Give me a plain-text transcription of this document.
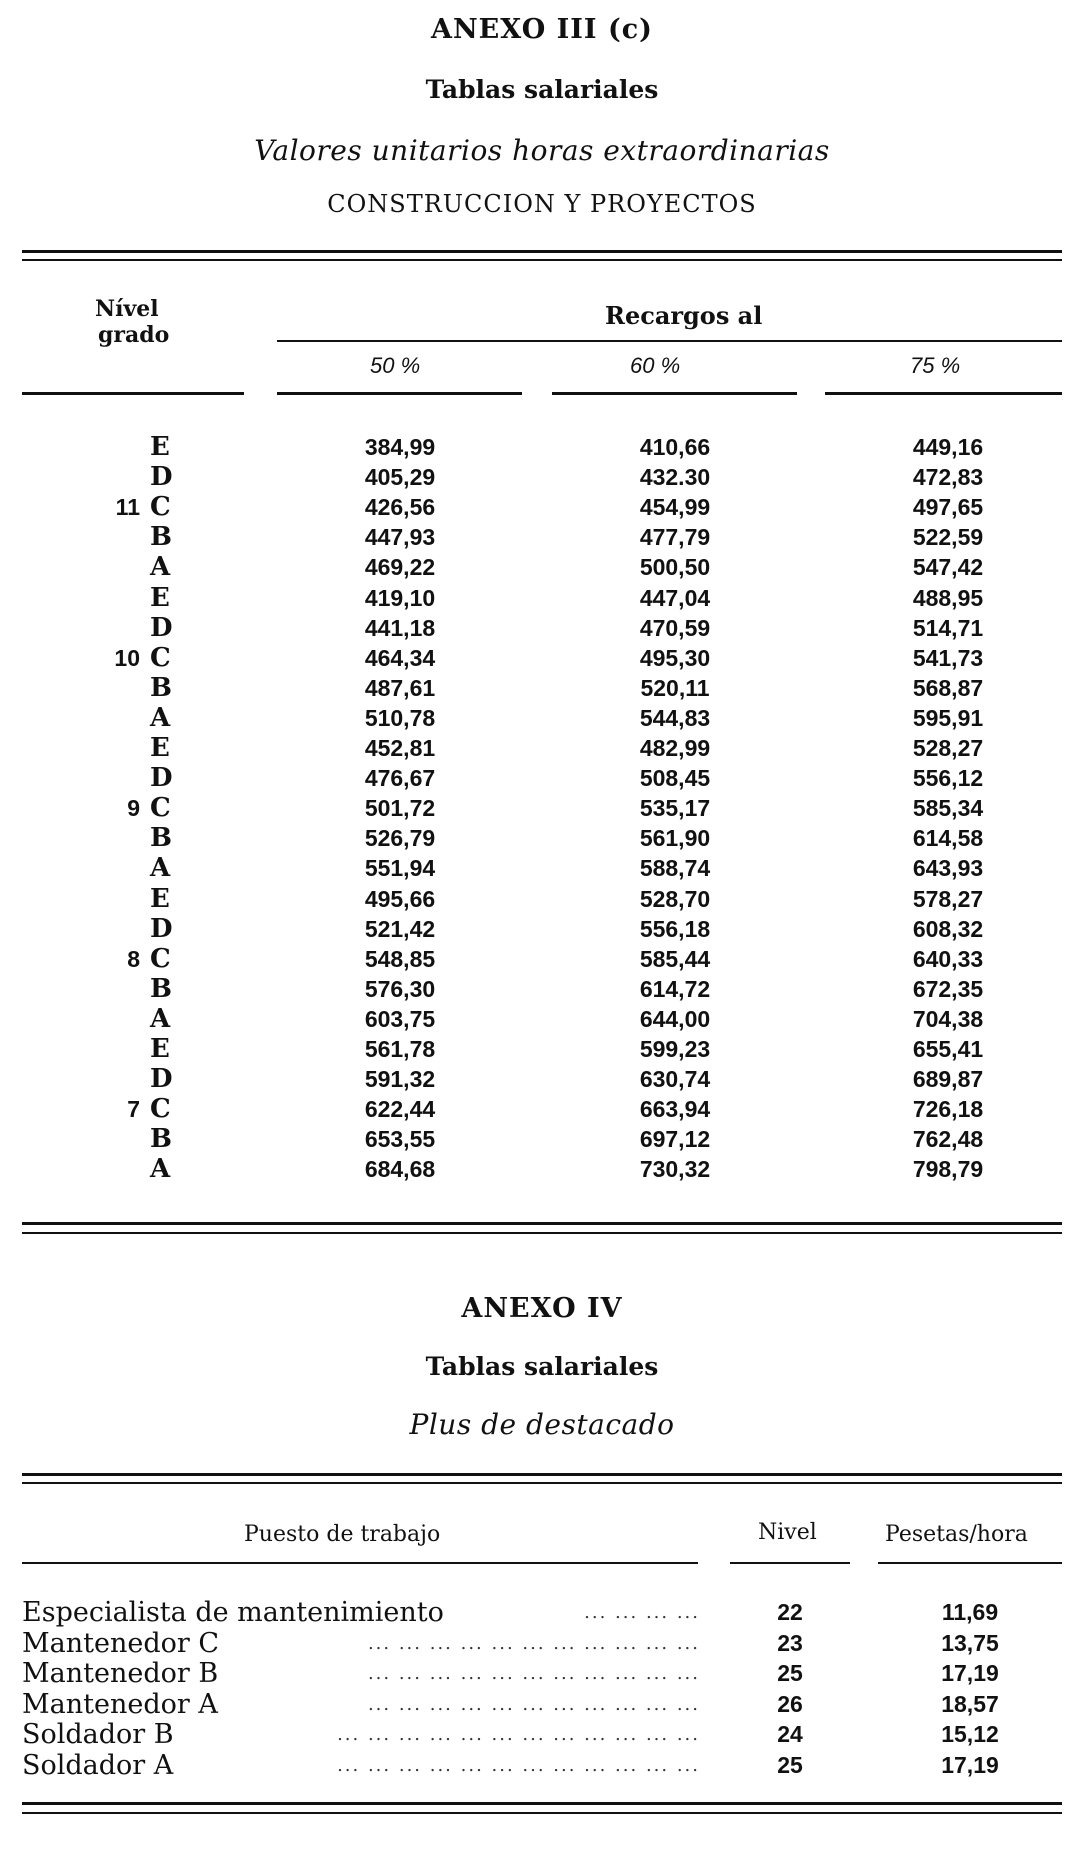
ANEXO III (c)
Tablas salariales
Valores unitarios horas extraordinarias
CONSTRUCCION Y PROYECTOS
Nível
grado
Recargos al
50 %	60 %	75 %
E	384,99	410,66	449,16
D	405,29	432.30	472,83
11 C	426,56	454,99	497,65
B	447,93	477,79	522,59
A	469,22	500,50	547,42
E	419,10	447,04	488,95
D	441,18	470,59	514,71
10 C	464,34	495,30	541,73
B	487,61	520,11	568,87
A	510,78	544,83	595,91
E	452,81	482,99	528,27
D	476,67	508,45	556,12
9 C	501,72	535,17	585,34
B	526,79	561,90	614,58
A	551,94	588,74	643,93
E	495,66	528,70	578,27
D	521,42	556,18	608,32
8 C	548,85	585,44	640,33
B	576,30	614,72	672,35
A	603,75	644,00	704,38
E	561,78	599,23	655,41
D	591,32	630,74	689,87
7 C	622,44	663,94	726,18
B	653,55	697,12	762,48
A	684,68	730,32	798,79
ANEXO IV
Tablas salariales
Plus de destacado
Puesto de trabajo	Nivel	Pesetas/hora
Especialista de mantenimiento	... ... ... ...	22	11,69
Mantenedor C	... ... ... ... ... ... ... ... ... ... ...	23	13,75
Mantenedor B	... ... ... ... ... ... ... ... ... ... ...	25	17,19
Mantenedor A	... ... ... ... ... ... ... ... ... ... ...	26	18,57
Soldador B	... ... ... ... ... ... ... ... ... ... ... ...	24	15,12
Soldador A	... ... ... ... ... ... ... ... ... ... ... ...	25	17,19
